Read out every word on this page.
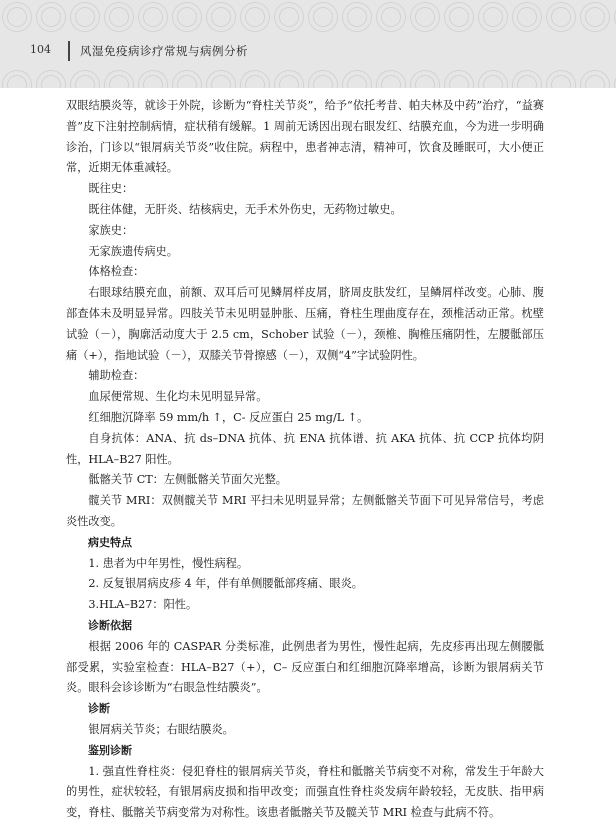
104	风湿免疫病诊疗常规与病例分析

双眼结膜炎等，就诊于外院，诊断为“脊柱关节炎”，给予“依托考昔、帕夫林及中药”治疗，“益赛普”皮下注射控制病情，症状稍有缓解。1 周前无诱因出现右眼发红、结膜充血，今为进一步明确诊治，门诊以“银屑病关节炎”收住院。病程中，患者神志清，精神可，饮食及睡眠可，大小便正常，近期无体重减轻。

既往史：

既往体健，无肝炎、结核病史，无手术外伤史，无药物过敏史。

家族史：

无家族遗传病史。

体格检查：

右眼球结膜充血，前额、双耳后可见鳞屑样皮屑，脐周皮肤发红，呈鳞屑样改变。心肺、腹部查体未及明显异常。四肢关节未见明显肿胀、压痛，脊柱生理曲度存在，颈椎活动正常。枕壁试验（－），胸廓活动度大于 2.5 cm，Schober 试验（－），颈椎、胸椎压痛阴性，左腰骶部压痛（+），指地试验（－），双膝关节骨擦感（－），双侧“4”字试验阴性。

辅助检查：

血尿便常规、生化均未见明显异常。

红细胞沉降率 59 mm/h ↑，C- 反应蛋白 25 mg/L ↑。

自身抗体：ANA、抗 ds–DNA 抗体、抗 ENA 抗体谱、抗 AKA 抗体、抗 CCP 抗体均阴性，HLA–B27 阳性。

骶髂关节 CT：左侧骶髂关节面欠光整。

髋关节 MRI：双侧髋关节 MRI 平扫未见明显异常；左侧骶髂关节面下可见异常信号，考虑炎性改变。

病史特点

1. 患者为中年男性，慢性病程。

2. 反复银屑病皮疹 4 年，伴有单侧腰骶部疼痛、眼炎。

3.HLA–B27：阳性。

诊断依据

根据 2006 年的 CASPAR 分类标准，此例患者为男性，慢性起病，先皮疹再出现左侧腰骶部受累，实验室检查：HLA–B27（+），C– 反应蛋白和红细胞沉降率增高，诊断为银屑病关节炎。眼科会诊诊断为“右眼急性结膜炎”。

诊断

银屑病关节炎；右眼结膜炎。

鉴别诊断

1. 强直性脊柱炎：侵犯脊柱的银屑病关节炎，脊柱和骶髂关节病变不对称，常发生于年龄大的男性，症状较轻，有银屑病皮损和指甲改变；而强直性脊柱炎发病年龄较轻，无皮肤、指甲病变，脊柱、骶髂关节病变常为对称性。该患者骶髂关节及髋关节 MRI 检查与此病不符。
